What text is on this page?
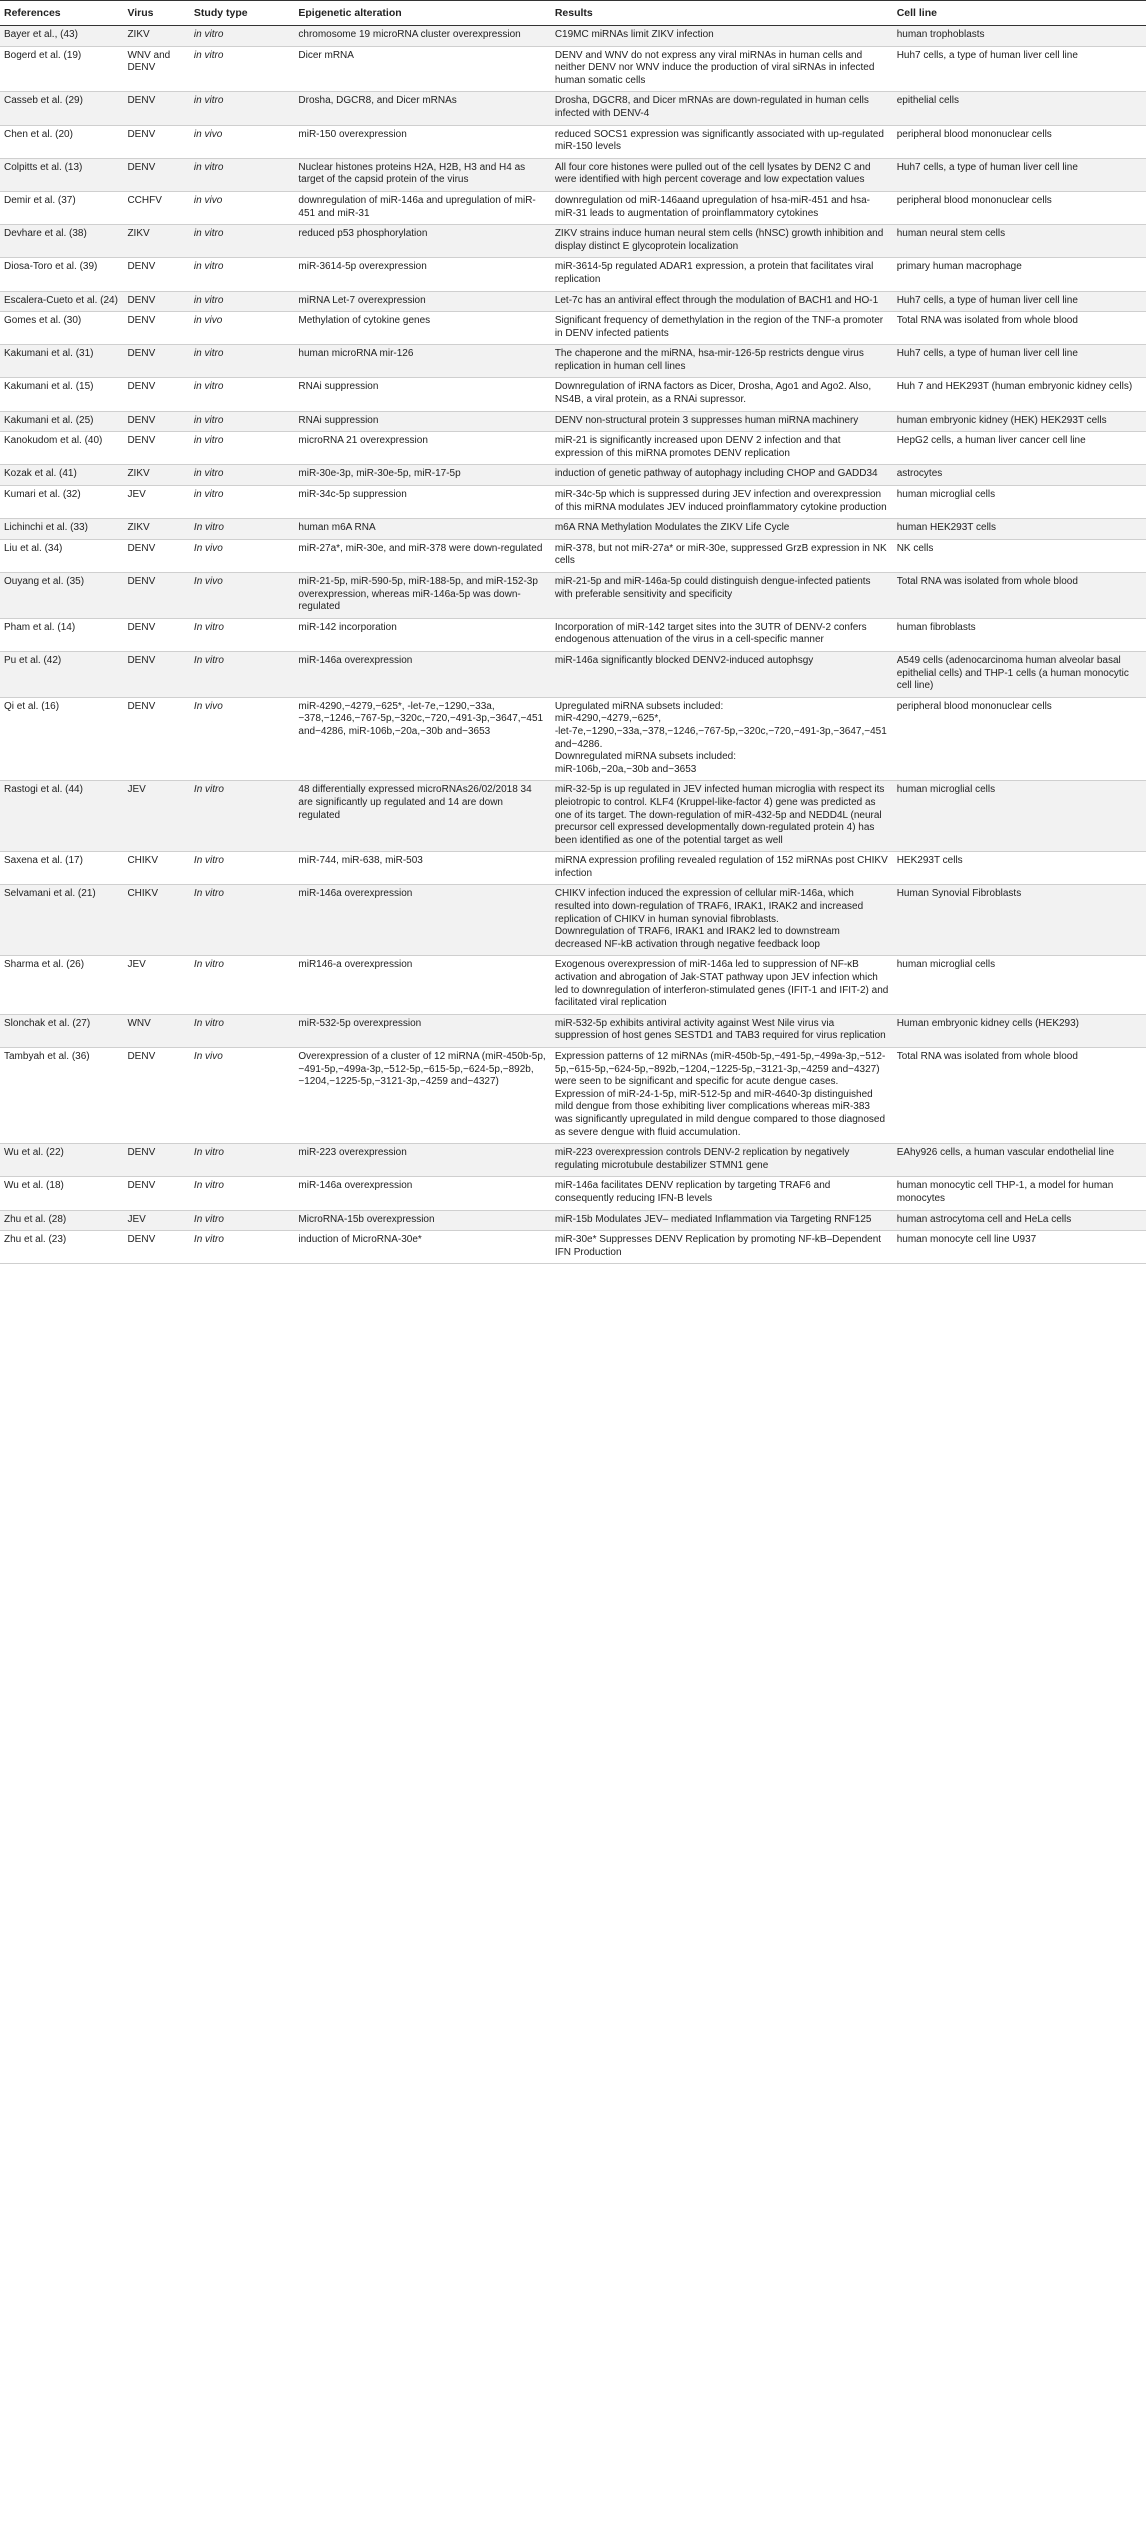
References	Virus	Study type	Epigenetic alteration	Results	Cell line
Bayer et al., (43)	ZIKV	in vitro	chromosome 19 microRNA cluster overexpression	C19MC miRNAs limit ZIKV infection	human trophoblasts
Bogerd et al. (19)	WNV and DENV	in vitro	Dicer mRNA	DENV and WNV do not express any viral miRNAs in human cells and neither DENV nor WNV induce the production of viral siRNAs in infected human somatic cells	Huh7 cells, a type of human liver cell line
Casseb et al. (29)	DENV	in vitro	Drosha, DGCR8, and Dicer mRNAs	Drosha, DGCR8, and Dicer mRNAs are down-regulated in human cells infected with DENV-4	epithelial cells
Chen et al. (20)	DENV	in vivo	miR-150 overexpression	reduced SOCS1 expression was significantly associated with up-regulated miR-150 levels	peripheral blood mononuclear cells
Colpitts et al. (13)	DENV	in vitro	Nuclear histones proteins H2A, H2B, H3 and H4 as target of the capsid protein of the virus	All four core histones were pulled out of the cell lysates by DEN2 C and were identified with high percent coverage and low expectation values	Huh7 cells, a type of human liver cell line
Demir et al. (37)	CCHFV	in vivo	downregulation of miR-146a and upregulation of miR-451 and miR-31	downregulation od miR-146aand upregulation of hsa-miR-451 and hsa-miR-31 leads to augmentation of proinflammatory cytokines	peripheral blood mononuclear cells
Devhare et al. (38)	ZIKV	in vitro	reduced p53 phosphorylation	ZIKV strains induce human neural stem cells (hNSC) growth inhibition and display distinct E glycoprotein localization	human neural stem cells
Diosa-Toro et al. (39)	DENV	in vitro	miR-3614-5p overexpression	miR-3614-5p regulated ADAR1 expression, a protein that facilitates viral replication	primary human macrophage
Escalera-Cueto et al. (24)	DENV	in vitro	miRNA Let-7 overexpression	Let-7c has an antiviral effect through the modulation of BACH1 and HO-1	Huh7 cells, a type of human liver cell line
Gomes et al. (30)	DENV	in vivo	Methylation of cytokine genes	Significant frequency of demethylation in the region of the TNF-a promoter in DENV infected patients	Total RNA was isolated from whole blood
Kakumani et al. (31)	DENV	in vitro	human microRNA mir-126	The chaperone and the miRNA, hsa-mir-126-5p restricts dengue virus replication in human cell lines	Huh7 cells, a type of human liver cell line
Kakumani et al. (15)	DENV	in vitro	RNAi suppression	Downregulation of iRNA factors as Dicer, Drosha, Ago1 and Ago2. Also, NS4B, a viral protein, as a RNAi supressor.	Huh 7 and HEK293T (human embryonic kidney cells)
Kakumani et al. (25)	DENV	in vitro	RNAi suppression	DENV non-structural protein 3 suppresses human miRNA machinery	human embryonic kidney (HEK) HEK293T cells
Kanokudom et al. (40)	DENV	in vitro	microRNA 21 overexpression	miR-21 is significantly increased upon DENV 2 infection and that expression of this miRNA promotes DENV replication	HepG2 cells, a human liver cancer cell line
Kozak et al. (41)	ZIKV	in vitro	miR-30e-3p, miR-30e-5p, miR-17-5p	induction of genetic pathway of autophagy including CHOP and GADD34	astrocytes
Kumari et al. (32)	JEV	in vitro	miR-34c-5p suppression	miR-34c-5p which is suppressed during JEV infection and overexpression of this miRNA modulates JEV induced proinflammatory cytokine production	human microglial cells
Lichinchi et al. (33)	ZIKV	In vitro	human m6A RNA	m6A RNA Methylation Modulates the ZIKV Life Cycle	human HEK293T cells
Liu et al. (34)	DENV	In vivo	miR-27a*, miR-30e, and miR-378 were down-regulated	miR-378, but not miR-27a* or miR-30e, suppressed GrzB expression in NK cells	NK cells
Ouyang et al. (35)	DENV	In vivo	miR-21-5p, miR-590-5p, miR-188-5p, and miR-152-3p overexpression, whereas miR-146a-5p was down-regulated	miR-21-5p and miR-146a-5p could distinguish dengue-infected patients with preferable sensitivity and specificity	Total RNA was isolated from whole blood
Pham et al. (14)	DENV	In vitro	miR-142 incorporation	Incorporation of miR-142 target sites into the 3UTR of DENV-2 confers endogenous attenuation of the virus in a cell-specific manner	human fibroblasts
Pu et al. (42)	DENV	In vitro	miR-146a overexpression	miR-146a significantly blocked DENV2-induced autophsgy	A549 cells (adenocarcinoma human alveolar basal epithelial cells) and THP-1 cells (a human monocytic cell line)
Qi et al. (16)	DENV	In vivo	miR-4290,−4279,−625*, -let-7e,−1290,−33a,−378,−1246,−767-5p,−320c,−720,−491-3p,−3647,−451 and−4286, miR-106b,−20a,−30b and−3653	Upregulated miRNA subsets included:
miR-4290,−4279,−625*,
-let-7e,−1290,−33a,−378,−1246,−767-5p,−320c,−720,−491-3p,−3647,−451 and−4286.
Downregulated miRNA subsets included:
miR-106b,−20a,−30b and−3653	peripheral blood mononuclear cells
Rastogi et al. (44)	JEV	In vitro	48 differentially expressed microRNAs26/02/2018 34 are significantly up regulated and 14 are down regulated	miR-32-5p is up regulated in JEV infected human microglia with respect its pleiotropic to control. KLF4 (Kruppel-like-factor 4) gene was predicted as one of its target. The down-regulation of miR-432-5p and NEDD4L (neural precursor cell expressed developmentally down-regulated protein 4) has been identified as one of the potential target as well	human microglial cells
Saxena et al. (17)	CHIKV	In vitro	miR-744, miR-638, miR-503	miRNA expression profiling revealed regulation of 152 miRNAs post CHIKV infection	HEK293T cells
Selvamani et al. (21)	CHIKV	In vitro	miR-146a overexpression	CHIKV infection induced the expression of cellular miR-146a, which resulted into down-regulation of TRAF6, IRAK1, IRAK2 and increased replication of CHIKV in human synovial fibroblasts.
Downregulation of TRAF6, IRAK1 and IRAK2 led to downstream decreased NF-kB activation through negative feedback loop	Human Synovial Fibroblasts
Sharma et al. (26)	JEV	In vitro	miR146-a overexpression	Exogenous overexpression of miR-146a led to suppression of NF-κB activation and abrogation of Jak-STAT pathway upon JEV infection which led to downregulation of interferon-stimulated genes (IFIT-1 and IFIT-2) and facilitated viral replication	human microglial cells
Slonchak et al. (27)	WNV	In vitro	miR-532-5p overexpression	miR-532-5p exhibits antiviral activity against West Nile virus via suppression of host genes SESTD1 and TAB3 required for virus replication	Human embryonic kidney cells (HEK293)
Tambyah et al. (36)	DENV	In vivo	Overexpression of a cluster of 12 miRNA (miR-450b-5p,−491-5p,−499a-3p,−512-5p,−615-5p,−624-5p,−892b,−1204,−1225-5p,−3121-3p,−4259 and−4327)	Expression patterns of 12 miRNAs (miR-450b-5p,−491-5p,−499a-3p,−512-5p,−615-5p,−624-5p,−892b,−1204,−1225-5p,−3121-3p,−4259 and−4327) were seen to be significant and specific for acute dengue cases.
Expression of miR-24-1-5p, miR-512-5p and miR-4640-3p distinguished mild dengue from those exhibiting liver complications whereas miR-383 was significantly upregulated in mild dengue compared to those diagnosed as severe dengue with fluid accumulation.	Total RNA was isolated from whole blood
Wu et al. (22)	DENV	In vitro	miR-223 overexpression	miR-223 overexpression controls DENV-2 replication by negatively regulating microtubule destabilizer STMN1 gene	EAhy926 cells, a human vascular endothelial line
Wu et al. (18)	DENV	In vitro	miR-146a overexpression	miR-146a facilitates DENV replication by targeting TRAF6 and consequently reducing IFN-B levels	human monocytic cell THP-1, a model for human monocytes
Zhu et al. (28)	JEV	In vitro	MicroRNA-15b overexpression	miR-15b Modulates JEV– mediated Inflammation via Targeting RNF125	human astrocytoma cell and HeLa cells
Zhu et al. (23)	DENV	In vitro	induction of MicroRNA-30e*	miR-30e* Suppresses DENV Replication by promoting NF-kB–Dependent IFN Production	human monocyte cell line U937
